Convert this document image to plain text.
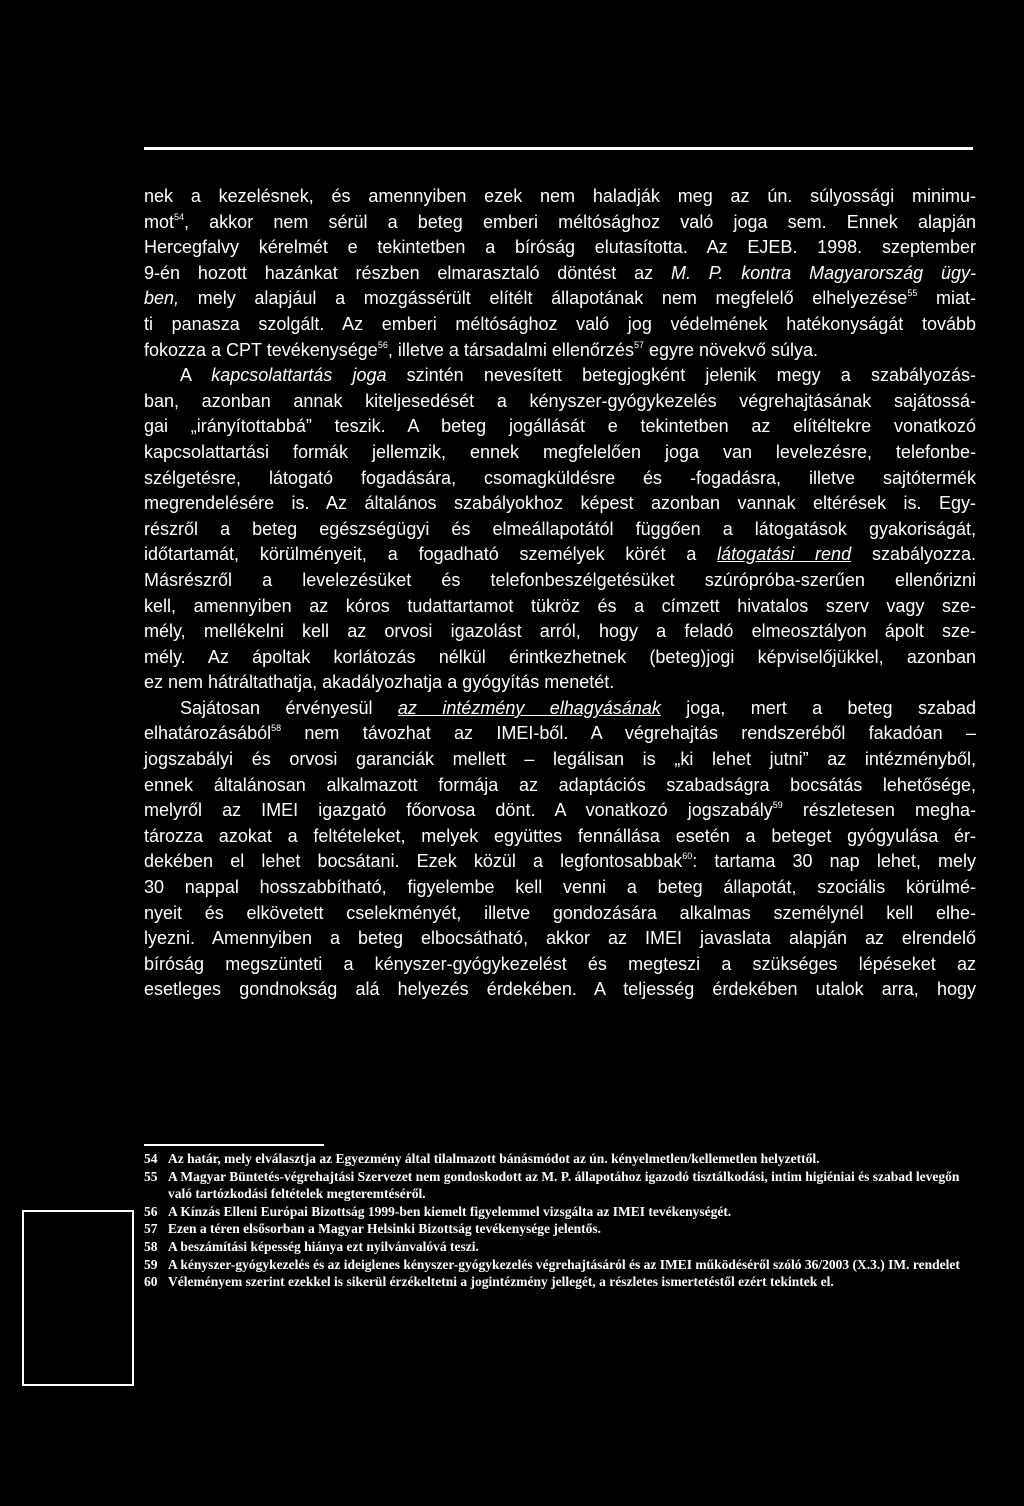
nek a kezelésnek, és amennyiben ezek nem haladják meg az ún. súlyossági minimu-
mot$^{54}$, akkor nem sérül a beteg emberi méltósághoz való joga sem. Ennek alapján
Hercegfalvy kérelmét e tekintetben a bíróság elutasította. Az EJEB. 1998. szeptember
9-én hozott hazánkat részben elmarasztaló döntést az M. P. kontra Magyarország ügy-
ben, mely alapjául a mozgássérült elítélt állapotának nem megfelelő elhelyezése$^{55}$ miat-
ti panasza szolgált. Az emberi méltósághoz való jog védelmének hatékonyságát tovább
fokozza a CPT tevékenysége$^{56}$, illetve a társadalmi ellenőrzés$^{57}$ egyre növekvő súlya.
A kapcsolattartás joga szintén nevesített betegjogként jelenik megy a szabályozás-
ban, azonban annak kiteljesedését a kényszer-gyógykezelés végrehajtásának sajátossá-
gai „irányítottabbá” teszik. A beteg jogállását e tekintetben az elítéltekre vonatkozó
kapcsolattartási formák jellemzik, ennek megfelelően joga van levelezésre, telefonbe-
szélgetésre, látogató fogadására, csomagküldésre és -fogadásra, illetve sajtótermék
megrendelésére is. Az általános szabályokhoz képest azonban vannak eltérések is. Egy-
részről a beteg egészségügyi és elmeállapotától függően a látogatások gyakoriságát,
időtartamát, körülményeit, a fogadható személyek körét a látogatási rend szabályozza.
Másrészről a levelezésüket és telefonbeszélgetésüket szúrópróba-szerűen ellenőrizni
kell, amennyiben az kóros tudattartamot tükröz és a címzett hivatalos szerv vagy sze-
mély, mellékelni kell az orvosi igazolást arról, hogy a feladó elmeosztályon ápolt sze-
mély. Az ápoltak korlátozás nélkül érintkezhetnek (beteg)jogi képviselőjükkel, azonban
ez nem hátráltathatja, akadályozhatja a gyógyítás menetét.
Sajátosan érvényesül az intézmény elhagyásának joga, mert a beteg szabad
elhatározásából$^{58}$ nem távozhat az IMEI-ből. A végrehajtás rendszeréből fakadóan –
jogszabályi és orvosi garanciák mellett – legálisan is „ki lehet jutni” az intézményből,
ennek általánosan alkalmazott formája az adaptációs szabadságra bocsátás lehetősége,
melyről az IMEI igazgató főorvosa dönt. A vonatkozó jogszabály$^{59}$ részletesen megha-
tározza azokat a feltételeket, melyek együttes fennállása esetén a beteget gyógyulása ér-
dekében el lehet bocsátani. Ezek közül a legfontosabbak$^{60}$: tartama 30 nap lehet, mely
30 nappal hosszabbítható, figyelembe kell venni a beteg állapotát, szociális körülmé-
nyeit és elkövetett cselekményét, illetve gondozására alkalmas személynél kell elhe-
lyezni. Amennyiben a beteg elbocsátható, akkor az IMEI javaslata alapján az elrendelő
bíróság megszünteti a kényszer-gyógykezelést és megteszi a szükséges lépéseket az
esetleges gondnokság alá helyezés érdekében. A teljesség érdekében utalok arra, hogy
54 Az határ, mely elválasztja az Egyezmény által tilalmazott bánásmódot az ún. kényelmetlen/kellemetlen helyzettől.
55 A Magyar Büntetés-végrehajtási Szervezet nem gondoskodott az M. P. állapotához igazodó tisztálkodási, intim higiéniai és szabad levegőn való tartózkodási feltételek megteremtéséről.
56 A Kínzás Elleni Európai Bizottság 1999-ben kiemelt figyelemmel vizsgálta az IMEI tevékenységét.
57 Ezen a téren elsősorban a Magyar Helsinki Bizottság tevékenysége jelentős.
58 A beszámítási képesség hiánya ezt nyilvánvalóvá teszi.
59 A kényszer-gyógykezelés és az ideiglenes kényszer-gyógykezelés végrehajtásáról és az IMEI működéséről szóló 36/2003 (X.3.) IM. rendelet
60 Véleményem szerint ezekkel is sikerül érzékeltetni a jogintézmény jellegét, a részletes ismertetéstől ezért tekintek el.
